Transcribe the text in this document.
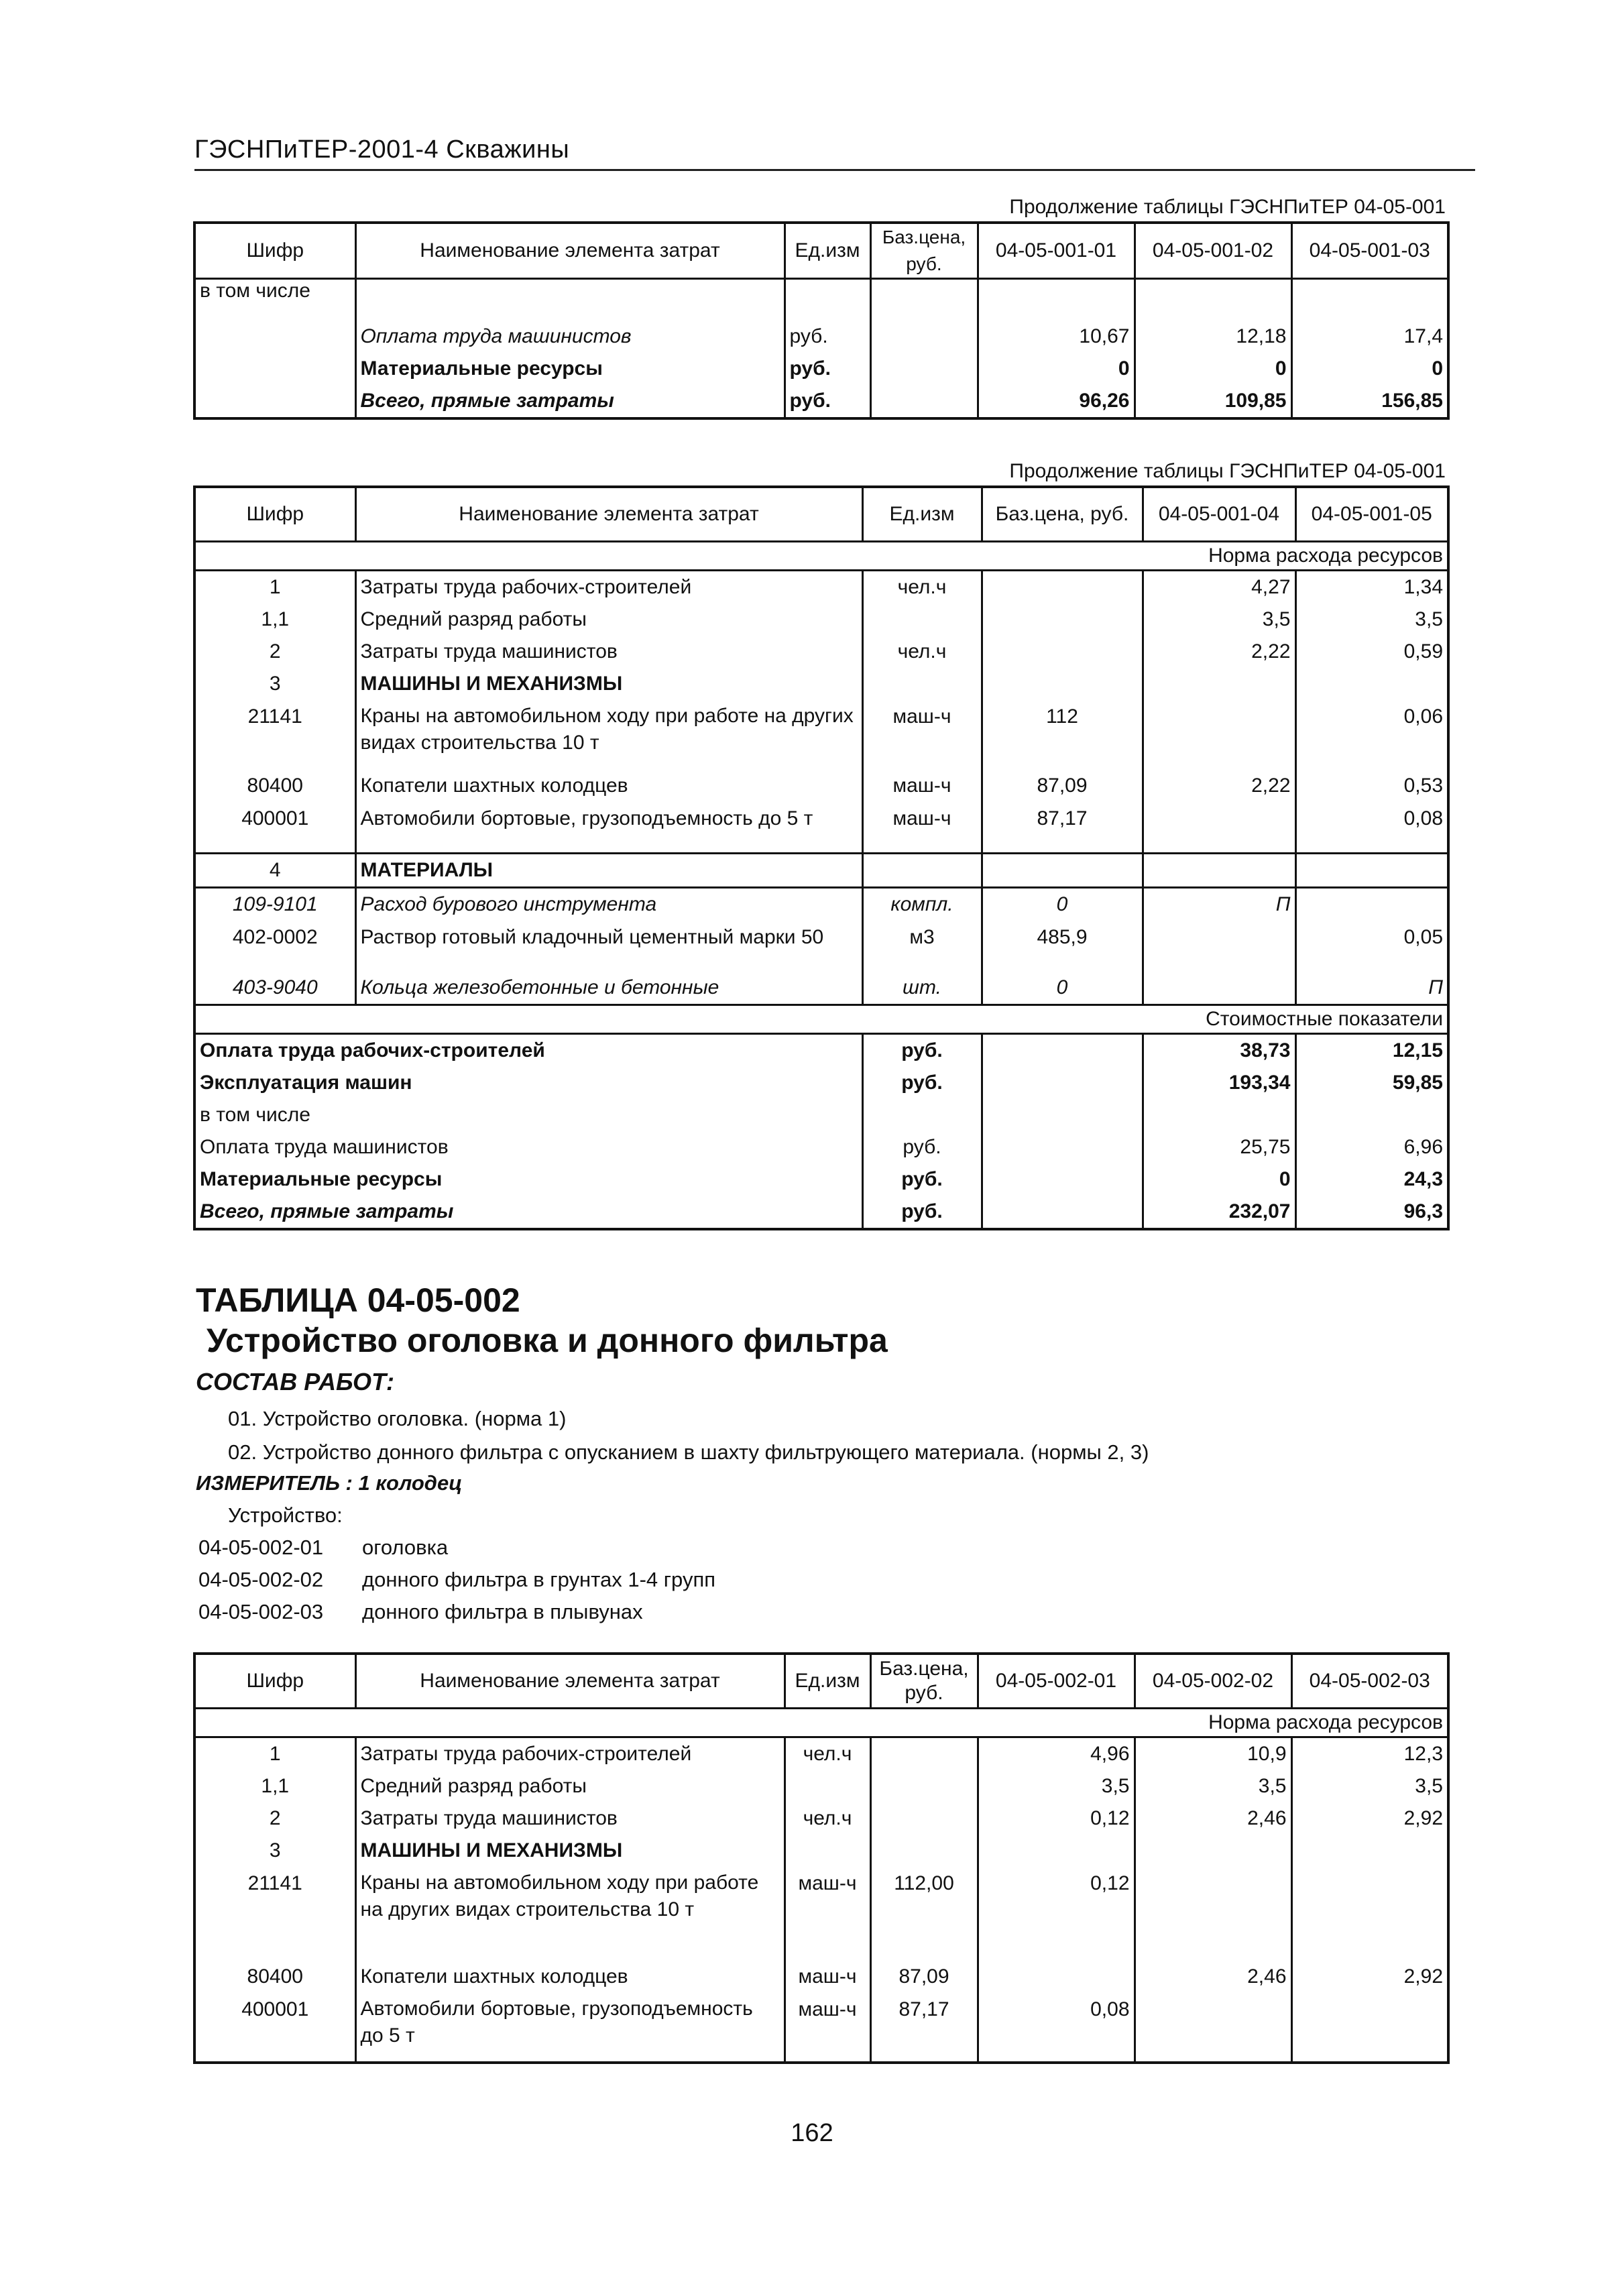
ГЭСНПиТЕР-2001-4 Скважины
Продолжение таблицы ГЭСНПиТЕР 04-05-001
Шифр	Наименование элемента затрат	Ед.изм	Баз.цена, руб.	04-05-001-01	04-05-001-02	04-05-001-03
в том числе						
	Оплата труда машинистов	руб.		10,67	12,18	17,4
	Материальные ресурсы	руб.		0	0	0
	Всего, прямые затраты	руб.		96,26	109,85	156,85
Продолжение таблицы ГЭСНПиТЕР 04-05-001
Шифр	Наименование элемента затрат	Ед.изм	Баз.цена, руб.	04-05-001-04	04-05-001-05
Норма расхода ресурсов					
1	Затраты труда рабочих-строителей	чел.ч		4,27	1,34
1,1	Средний разряд работы			3,5	3,5
2	Затраты труда машинистов	чел.ч		2,22	0,59
3	МАШИНЫ И МЕХАНИЗМЫ				
21141	Краны на автомобильном ходу при работе на других видах строительства 10 т	маш-ч	112		0,06
80400	Копатели шахтных колодцев	маш-ч	87,09	2,22	0,53
400001	Автомобили бортовые, грузоподъемность до 5 т	маш-ч	87,17		0,08
4	МАТЕРИАЛЫ				
109-9101	Расход бурового инструмента	компл.	0	П	
402-0002	Раствор готовый кладочный цементный марки 50	м3	485,9		0,05
403-9040	Кольца железобетонные и бетонные	шт.	0		П
Стоимостные показатели					
Оплата труда рабочих-строителей		руб.		38,73	12,15
Эксплуатация машин		руб.		193,34	59,85
в том числе					
Оплата труда машинистов		руб.		25,75	6,96
Материальные ресурсы		руб.		0	24,3
Всего, прямые затраты		руб.		232,07	96,3
ТАБЛИЦА 04-05-002
Устройство оголовка и донного фильтра
СОСТАВ РАБОТ:
01. Устройство оголовка. (норма 1)
02. Устройство донного фильтра с опусканием в шахту фильтрующего материала. (нормы 2, 3)
ИЗМЕРИТЕЛЬ : 1 колодец
Устройство:
04-05-002-01 оголовка
04-05-002-02 донного фильтра в грунтах 1-4 групп
04-05-002-03 донного фильтра в плывунах
Шифр	Наименование элемента затрат	Ед.изм	Баз.цена, руб.	04-05-002-01	04-05-002-02	04-05-002-03
Норма расхода ресурсов						
1	Затраты труда рабочих-строителей	чел.ч		4,96	10,9	12,3
1,1	Средний разряд работы			3,5	3,5	3,5
2	Затраты труда машинистов	чел.ч		0,12	2,46	2,92
3	МАШИНЫ И МЕХАНИЗМЫ					
21141	Краны на автомобильном ходу при работе на других видах строительства 10 т	маш-ч	112,00	0,12		
80400	Копатели шахтных колодцев	маш-ч	87,09		2,46	2,92
400001	Автомобили бортовые, грузоподъемность до 5 т	маш-ч	87,17	0,08		
162
